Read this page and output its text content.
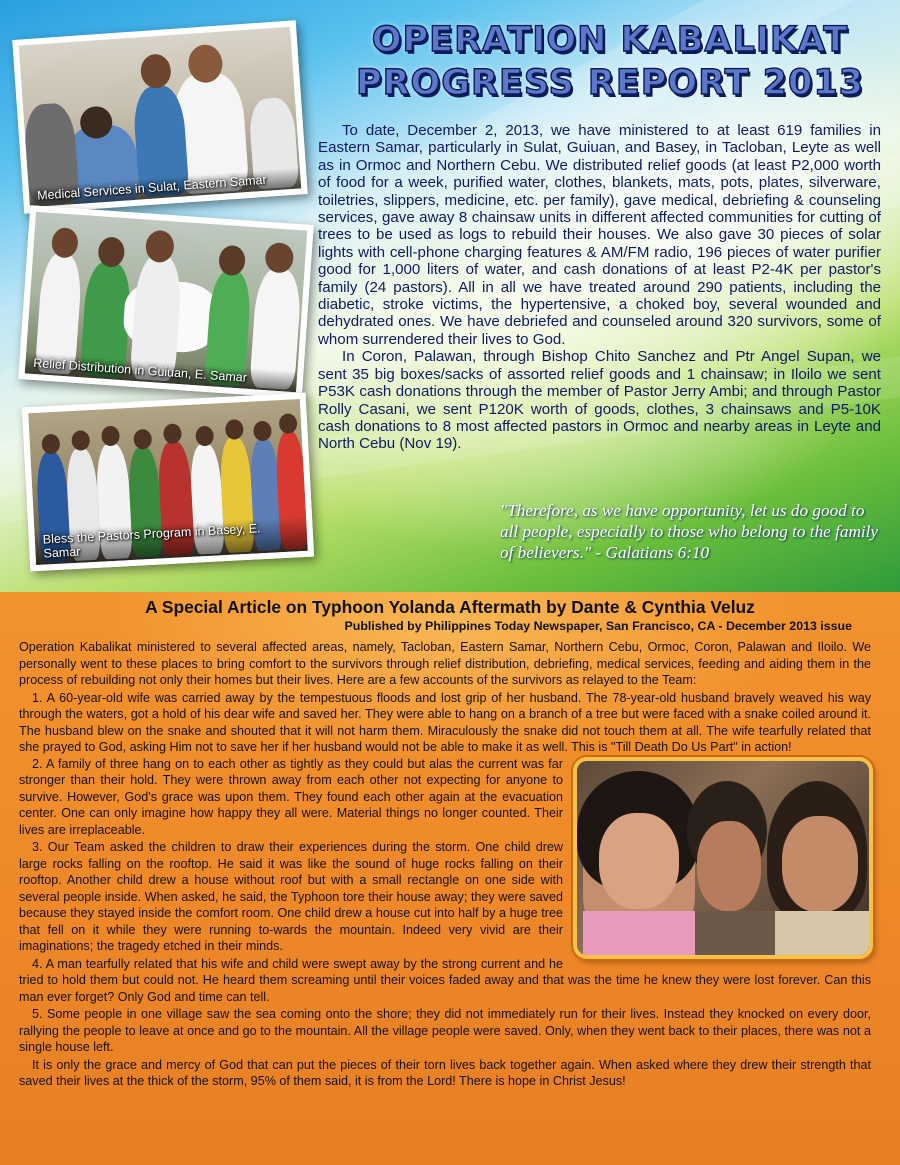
OPERATION KABALIKAT
PROGRESS REPORT 2013
Medical Services in Sulat, Eastern Samar
Relief Distribution in Guiuan, E. Samar
Bless the Pastors Program in Basey, E. Samar

To date, December 2, 2013, we have ministered to at least 619 families in Eastern Samar, particularly in Sulat, Guiuan, and Basey, in Tacloban, Leyte as well as in Ormoc and Northern Cebu. We distributed relief goods (at least P2,000 worth of food for a week, purified water, clothes, blankets, mats, pots, plates, silverware, toiletries, slippers, medicine, etc. per family), gave medical, debriefing & counseling services, gave away 8 chainsaw units in different affected communities for cutting of trees to be used as logs to rebuild their houses. We also gave 30 pieces of solar lights with cell-phone charging features & AM/FM radio, 196 pieces of water purifier good for 1,000 liters of water, and cash donations of at least P2-4K per pastor's family (24 pastors). All in all we have treated around 290 patients, including the diabetic, stroke victims, the hypertensive, a choked boy, several wounded and dehydrated ones. We have debriefed and counseled around 320 survivors, some of whom surrendered their lives to God.

In Coron, Palawan, through Bishop Chito Sanchez and Ptr Angel Supan, we sent 35 big boxes/sacks of assorted relief goods and 1 chainsaw; in Iloilo we sent P53K cash donations through the member of Pastor Jerry Ambi; and through Pastor Rolly Casani, we sent P120K worth of goods, clothes, 3 chainsaws and P5-10K cash donations to 8 most affected pastors in Ormoc and nearby areas in Leyte and North Cebu (Nov 19).

"Therefore, as we have opportunity, let us do good to all people, especially to those who belong to the family of believers." - Galatians 6:10

A Special Article on Typhoon Yolanda Aftermath by Dante & Cynthia Veluz

Published by Philippines Today Newspaper, San Francisco, CA - December 2013 issue

Operation Kabalikat ministered to several affected areas, namely, Tacloban, Eastern Samar, Northern Cebu, Ormoc, Coron, Palawan and Iloilo. We personally went to these places to bring comfort to the survivors through relief distribution, debriefing, medical services, feeding and aiding them in the process of rebuilding not only their homes but their lives. Here are a few accounts of the survivors as relayed to the Team:

1. A 60-year-old wife was carried away by the tempestuous floods and lost grip of her husband. The 78-year-old husband bravely weaved his way through the waters, got a hold of his dear wife and saved her. They were able to hang on a branch of a tree but were faced with a snake coiled around it. The husband blew on the snake and shouted that it will not harm them. Miraculously the snake did not touch them at all. The wife tearfully related that she prayed to God, asking Him not to save her if her husband would not be able to make it as well. This is "Till Death Do Us Part" in action!

2. A family of three hang on to each other as tightly as they could but alas the current was far stronger than their hold. They were thrown away from each other not expecting for anyone to survive. However, God's grace was upon them. They found each other again at the evacuation center. One can only imagine how happy they all were. Material things no longer counted. Their lives are irreplaceable.

3. Our Team asked the children to draw their experiences during the storm. One child drew large rocks falling on the rooftop. He said it was like the sound of huge rocks falling on their rooftop. Another child drew a house without roof but with a small rectangle on one side with several people inside. When asked, he said, the Typhoon tore their house away; they were saved because they stayed inside the comfort room. One child drew a house cut into half by a huge tree that fell on it while they were running to-wards the mountain. Indeed very vivid are their imaginations; the tragedy etched in their minds.

4. A man tearfully related that his wife and child were swept away by the strong current and he tried to hold them but could not. He heard them screaming until their voices faded away and that was the time he knew they were lost forever. Can this man ever forget? Only God and time can tell.

5. Some people in one village saw the sea coming onto the shore; they did not immediately run for their lives. Instead they knocked on every door, rallying the people to leave at once and go to the mountain. All the village people were saved. Only, when they went back to their places, there was not a single house left.

It is only the grace and mercy of God that can put the pieces of their torn lives back together again. When asked where they drew their strength that saved their lives at the thick of the storm, 95% of them said, it is from the Lord! There is hope in Christ Jesus!
